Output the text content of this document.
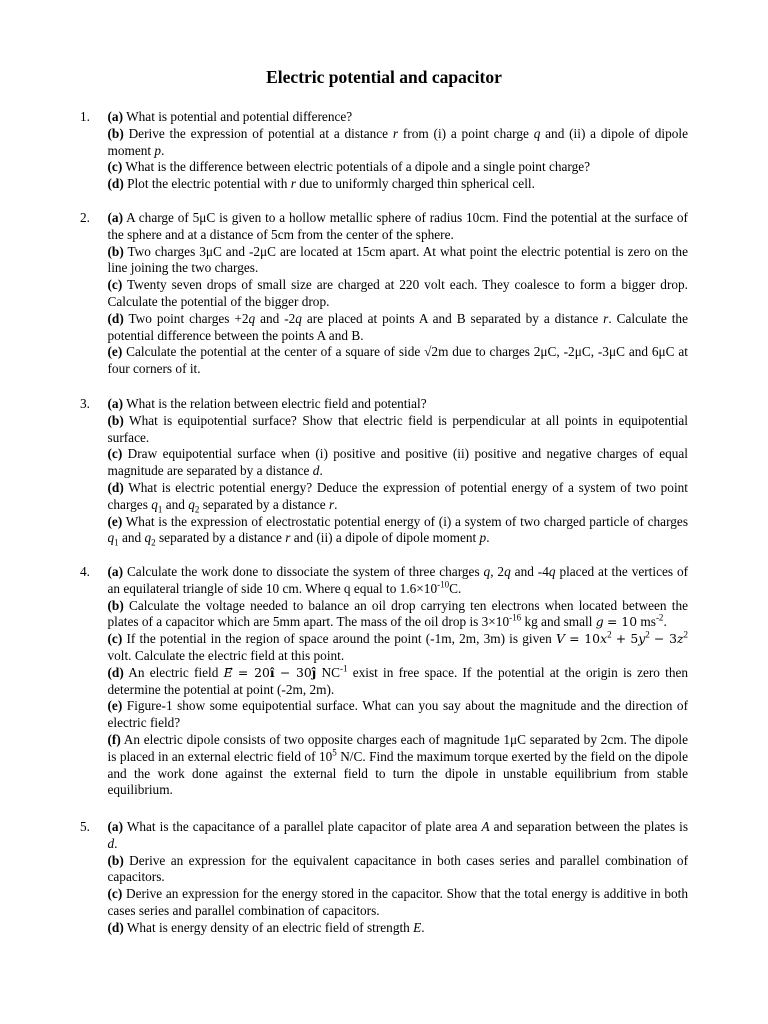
Electric potential and capacitor
1.	(a) What is potential and potential difference?

(b) Derive the expression of potential at a distance r from (i) a point charge q and (ii) a dipole of dipole moment p.

(c) What is the difference between electric potentials of a dipole and a single point charge?

(d) Plot the electric potential with r due to uniformly charged thin spherical cell.

2.	(a) A charge of 5μC is given to a hollow metallic sphere of radius 10cm. Find the potential at the surface of the sphere and at a distance of 5cm from the center of the sphere.

(b) Two charges 3μC and -2μC are located at 15cm apart. At what point the electric potential is zero on the line joining the two charges.

(c) Twenty seven drops of small size are charged at 220 volt each. They coalesce to form a bigger drop. Calculate the potential of the bigger drop.

(d) Two point charges +2q and -2q are placed at points A and B separated by a distance r. Calculate the potential difference between the points A and B.

(e) Calculate the potential at the center of a square of side √2m due to charges 2μC, -2μC, -3μC and 6μC at four corners of it.

3.	(a) What is the relation between electric field and potential?

(b) What is equipotential surface? Show that electric field is perpendicular at all points in equipotential surface.

(c) Draw equipotential surface when (i) positive and positive (ii) positive and negative charges of equal magnitude are separated by a distance d.

(d) What is electric potential energy? Deduce the expression of potential energy of a system of two point charges $q_1$ and $q_2$ separated by a distance r.

(e) What is the expression of electrostatic potential energy of (i) a system of two charged particle of charges $q_1$ and $q_2$ separated by a distance r and (ii) a dipole of dipole moment p.

4.	(a) Calculate the work done to dissociate the system of three charges q, 2q and -4q placed at the vertices of an equilateral triangle of side 10 cm. Where q equal to $1.6\times 10^{-10}C$.

(b) Calculate the voltage needed to balance an oil drop carrying ten electrons when located between the plates of a capacitor which are 5mm apart. The mass of the oil drop is $3\times 10^{-16}$ kg and small g = 10 $ms^{-2}$.

(c) If the potential in the region of space around the point (-1m, 2m, 3m) is given $V = 10x^2 + 5y^2 - 3z^2$ volt. Calculate the electric field at this point.

(d) An electric field E = 20î − 30ĵ $NC^{-1}$ exist in free space. If the potential at the origin is zero then determine the potential at point (-2m, 2m).

(e) Figure-1 show some equipotential surface. What can you say about the magnitude and the direction of electric field?

(f) An electric dipole consists of two opposite charges each of magnitude 1μC separated by 2cm. The dipole is placed in an external electric field of $10^5$ N/C. Find the maximum torque exerted by the field on the dipole and the work done against the external field to turn the dipole in unstable equilibrium from stable equilibrium.

5.	(a) What is the capacitance of a parallel plate capacitor of plate area A and separation between the plates is d.

(b) Derive an expression for the equivalent capacitance in both cases series and parallel combination of capacitors.

(c) Derive an expression for the energy stored in the capacitor. Show that the total energy is additive in both cases series and parallel combination of capacitors.

(d) What is energy density of an electric field of strength E.
